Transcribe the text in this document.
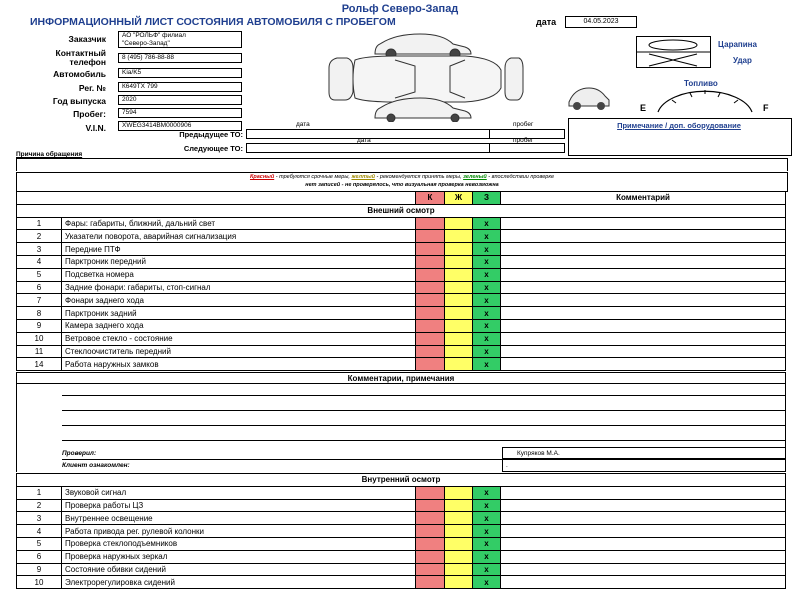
Рольф Северо-Запад
ИНФОРМАЦИОННЫЙ ЛИСТ СОСТОЯНИЯ АВТОМОБИЛЯ С ПРОБЕГОМ	дата	04.05.2023
Заказчик АО "РОЛЬФ" филиал
"Северо-Запад"
Контактный
телефон	8 (495) 786-88-88
Автомобиль	Kia/K5
Рег. №	К649ТХ 799
Год выпуска	2020
Пробег:	7594
V.I.N.	XWEG3414BM0000906
Царапина
Удар
Топливо
E	F
Примечание / доп. оборудование
дата	пробег
Предыдущее ТО:
дата	пробег
Следующее ТО:
Причина обращения
Красный - требуются срочные меры, желтый - рекомендуется принять меры, зеленый - впоследствии проверке
нет записей - не проверялось, что визуальная проверка невозможна
		К	Ж	З	Комментарий
Внешний осмотр					
1	Фары: габариты, ближний, дальний свет			x	
2	Указатели поворота, аварийная сигнализация			x	
3	Передние ПТФ			x	
4	Парктроник передний			x	
5	Подсветка номера			x	
6	Задние фонари: габариты, стоп-сигнал			x	
7	Фонари заднего хода			x	
8	Парктроник задний			x	
9	Камера заднего хода			x	
10	Ветровое стекло - состояние			x	
11	Стеклоочиститель передний			x	
14	Работа наружных замков			x	
Комментарии, примечания
Проверил:	Купряков М.А.
Клиент ознакомлен:	.
Внутренний осмотр					
1	Звуковой сигнал			x	
2	Проверка работы ЦЗ			x	
3	Внутреннее освещение			x	
4	Работа привода рег. рулевой колонки			x	
5	Проверка стеклоподъемников			x	
6	Проверка наружных зеркал			x	
9	Состояние обивки сидений			x	
10	Электрорегулировка сидений			x	
